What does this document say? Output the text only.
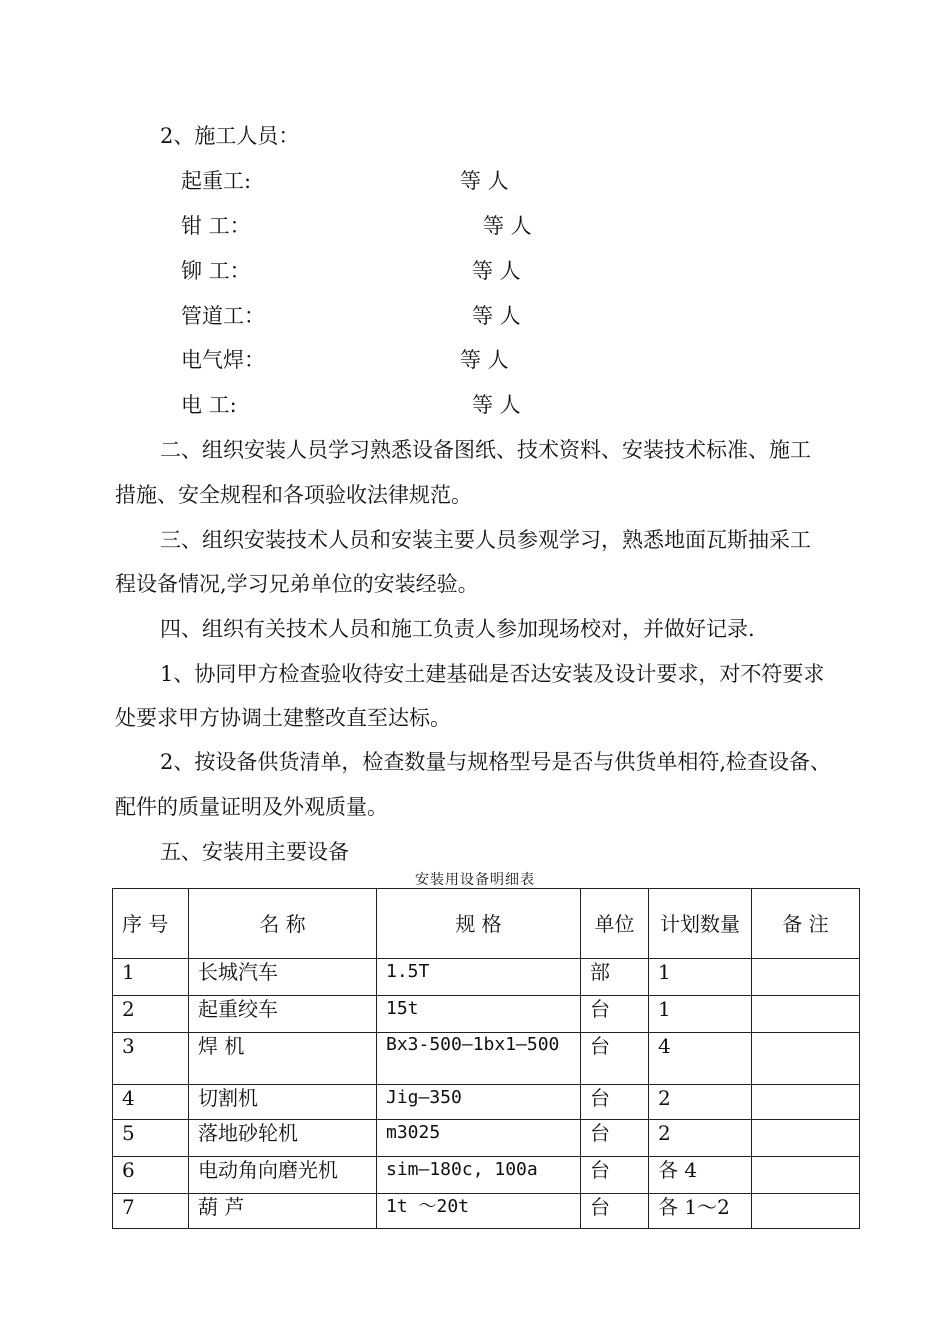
2、施工人员：
起重工:	等 人
钳 工：	等 人
铆 工：	等 人
管道工：	等 人
电气焊：	等 人
电 工:	等 人
二、组织安装人员学习熟悉设备图纸、技术资料、安装技术标准、施工
措施、安全规程和各项验收法律规范。
三、组织安装技术人员和安装主要人员参观学习，熟悉地面瓦斯抽采工
程设备情况,学习兄弟单位的安装经验。
四、组织有关技术人员和施工负责人参加现场校对，并做好记录.
1、协同甲方检查验收待安土建基础是否达安装及设计要求，对不符要求
处要求甲方协调土建整改直至达标。
2、按设备供货清单，检查数量与规格型号是否与供货单相符,检查设备、
配件的质量证明及外观质量。
五、安装用主要设备
安装用设备明细表
序 号	名 称	规 格	单位	计划数量	备 注
1	长城汽车	1.5T	部	1	
2	起重绞车	15t	台	1	
3	焊 机	Bx3-500—1bx1—500	台	4	
4	切割机	Jig—350	台	2	
5	落地砂轮机	m3025	台	2	
6	电动角向磨光机	sim—180c, 100a	台	各 4	
7	葫 芦	1t ～20t	台	各 1～2	
